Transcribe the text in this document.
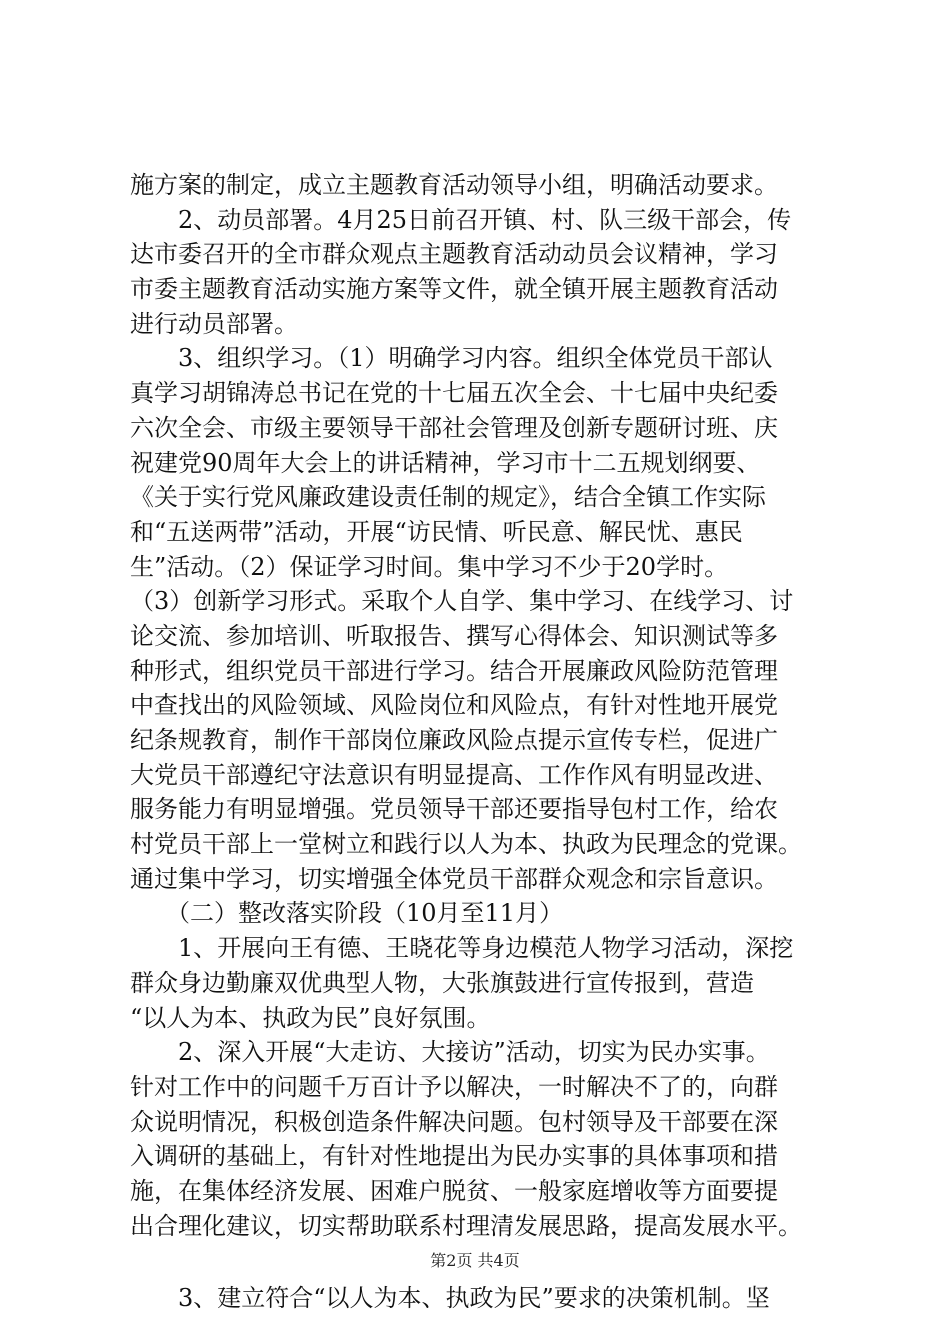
施方案的制定，成立主题教育活动领导小组，明确活动要求。
　　2、动员部署。4月25日前召开镇、村、队三级干部会，传
达市委召开的全市群众观点主题教育活动动员会议精神，学习
市委主题教育活动实施方案等文件，就全镇开展主题教育活动
进行动员部署。
　　3、组织学习。（1）明确学习内容。组织全体党员干部认
真学习胡锦涛总书记在党的十七届五次全会、十七届中央纪委
六次全会、市级主要领导干部社会管理及创新专题研讨班、庆
祝建党90周年大会上的讲话精神，学习市十二五规划纲要、
《关于实行党风廉政建设责任制的规定》，结合全镇工作实际
和“五送两带”活动，开展“访民情、听民意、解民忧、惠民
生”活动。（2）保证学习时间。集中学习不少于20学时。
（3）创新学习形式。采取个人自学、集中学习、在线学习、讨
论交流、参加培训、听取报告、撰写心得体会、知识测试等多
种形式，组织党员干部进行学习。结合开展廉政风险防范管理
中查找出的风险领域、风险岗位和风险点，有针对性地开展党
纪条规教育，制作干部岗位廉政风险点提示宣传专栏，促进广
大党员干部遵纪守法意识有明显提高、工作作风有明显改进、
服务能力有明显增强。党员领导干部还要指导包村工作，给农
村党员干部上一堂树立和践行以人为本、执政为民理念的党课。
通过集中学习，切实增强全体党员干部群众观念和宗旨意识。
　　（二）整改落实阶段（10月至11月）
　　1、开展向王有德、王晓花等身边模范人物学习活动，深挖
群众身边勤廉双优典型人物，大张旗鼓进行宣传报到，营造
“以人为本、执政为民”良好氛围。
　　2、深入开展“大走访、大接访”活动，切实为民办实事。
针对工作中的问题千万百计予以解决，一时解决不了的，向群
众说明情况，积极创造条件解决问题。包村领导及干部要在深
入调研的基础上，有针对性地提出为民办实事的具体事项和措
施，在集体经济发展、困难户脱贫、一般家庭增收等方面要提
出合理化建议，切实帮助联系村理清发展思路，提高发展水平。
　　3、建立符合“以人为本、执政为民”要求的决策机制。坚
第2页 共4页
